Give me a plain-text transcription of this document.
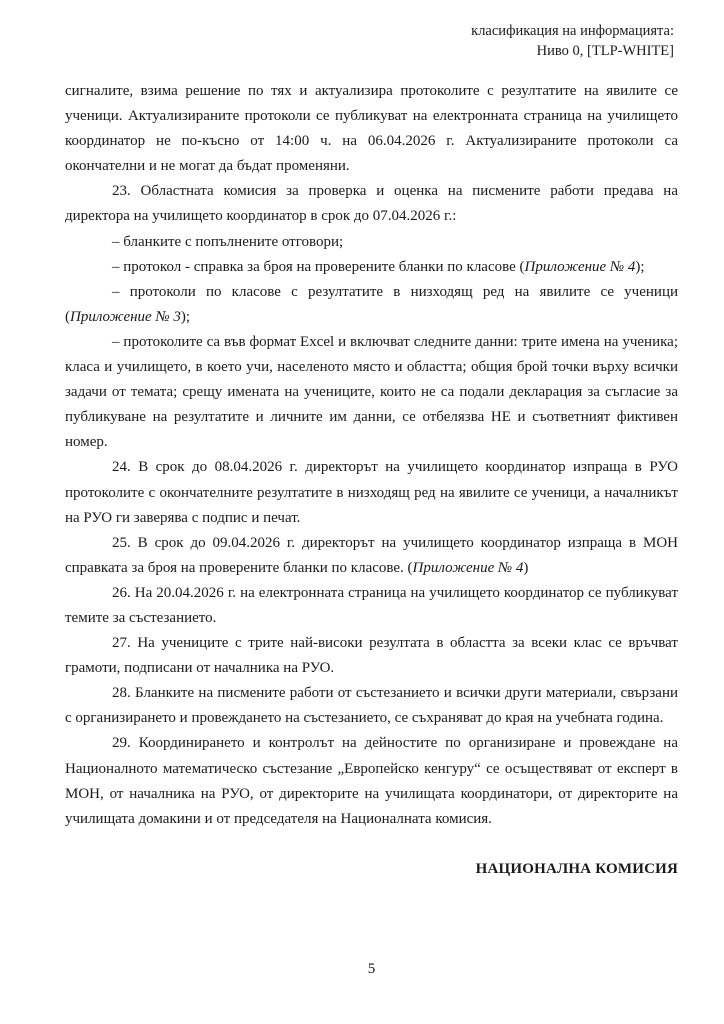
класификация на информацията:
Ниво 0, [TLP-WHITE]

сигналите, взима решение по тях и актуализира протоколите с резултатите на явилите се ученици. Актуализираните протоколи се публикуват на електронната страница на училището координатор не по-късно от 14:00 ч. на 06.04.2026 г. Актуализираните протоколи са окончателни и не могат да бъдат променяни.

23. Областната комисия за проверка и оценка на писмените работи предава на директора на училището координатор в срок до 07.04.2026 г.:

– бланките с попълнените отговори;

– протокол - справка за броя на проверените бланки по класове (Приложение № 4);

– протоколи по класове с резултатите в низходящ ред на явилите се ученици (Приложение № 3);

– протоколите са във формат Excel и включват следните данни: трите имена на ученика; класа и училището, в което учи, населеното място и областта; общия брой точки върху всички задачи от темата; срещу имената на учениците, които не са подали декларация за съгласие за публикуване на резултатите и личните им данни, се отбелязва НЕ и съответният фиктивен номер.

24. В срок до 08.04.2026 г. директорът на училището координатор изпраща в РУО протоколите с окончателните резултатите в низходящ ред на явилите се ученици, а началникът на РУО ги заверява с подпис и печат.

25. В срок до 09.04.2026 г. директорът на училището координатор изпраща в МОН справката за броя на проверените бланки по класове. (Приложение № 4)

26. На 20.04.2026 г. на електронната страница на училището координатор се публикуват темите за състезанието.

27. На учениците с трите най-високи резултата в областта за всеки клас се връчват грамоти, подписани от началника на РУО.

28. Бланките на писмените работи от състезанието и всички други материали, свързани с организирането и провеждането на състезанието, се съхраняват до края на учебната година.

29. Координирането и контролът на дейностите по организиране и провеждане на Националното математическо състезание „Европейско кенгуру“ се осъществяват от експерт в МОН, от началника на РУО, от директорите на училищата координатори, от директорите на училищата домакини и от председателя на Националната комисия.

НАЦИОНАЛНА КОМИСИЯ
5
